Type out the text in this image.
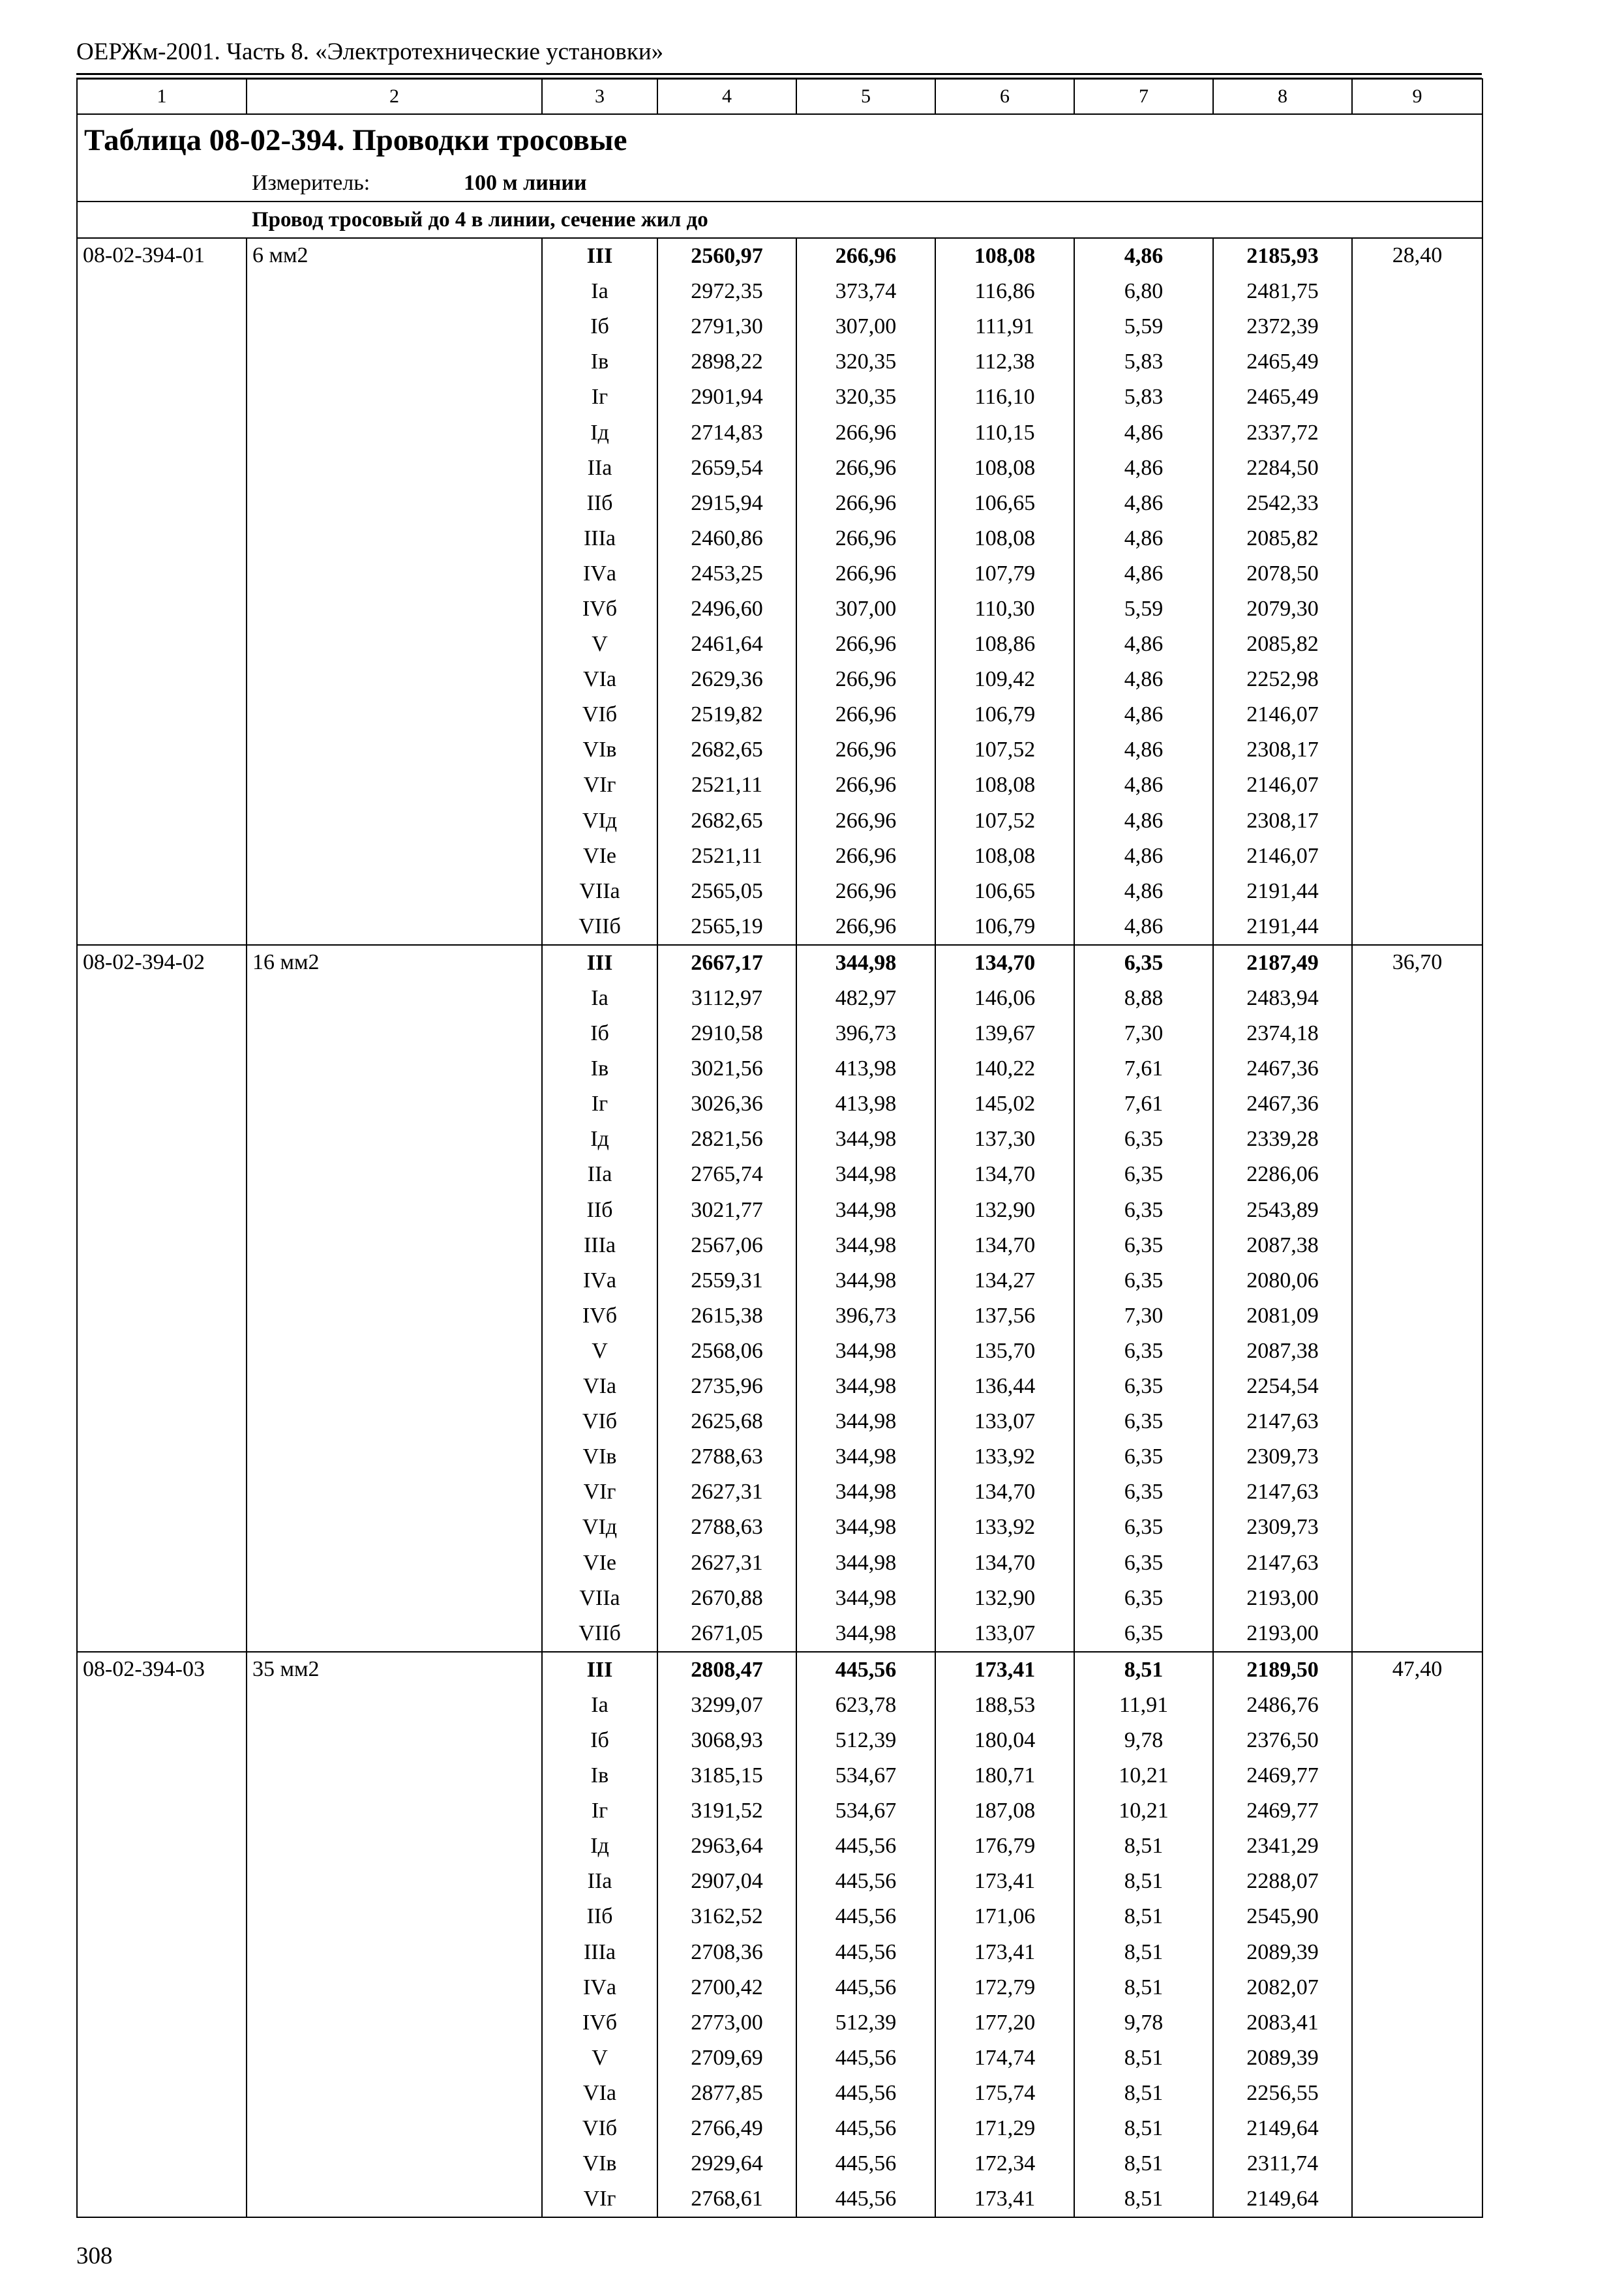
ОЕРЖм-2001. Часть 8. «Электротехнические установки»
1	2	3	4	5	6	7	8	9
Таблица 08-02-394. Проводки тросовые								
Измеритель: 100 м линии								
Провод тросовый до 4 в линии, сечение жил до								
08-02-394-01	6 мм2	III	2560,97	266,96	108,08	4,86	2185,93	28,40
		Iа	2972,35	373,74	116,86	6,80	2481,75	
		Iб	2791,30	307,00	111,91	5,59	2372,39	
		Iв	2898,22	320,35	112,38	5,83	2465,49	
		Iг	2901,94	320,35	116,10	5,83	2465,49	
		Iд	2714,83	266,96	110,15	4,86	2337,72	
		IIа	2659,54	266,96	108,08	4,86	2284,50	
		IIб	2915,94	266,96	106,65	4,86	2542,33	
		IIIа	2460,86	266,96	108,08	4,86	2085,82	
		IVа	2453,25	266,96	107,79	4,86	2078,50	
		IVб	2496,60	307,00	110,30	5,59	2079,30	
		V	2461,64	266,96	108,86	4,86	2085,82	
		VIа	2629,36	266,96	109,42	4,86	2252,98	
		VIб	2519,82	266,96	106,79	4,86	2146,07	
		VIв	2682,65	266,96	107,52	4,86	2308,17	
		VIг	2521,11	266,96	108,08	4,86	2146,07	
		VIд	2682,65	266,96	107,52	4,86	2308,17	
		VIе	2521,11	266,96	108,08	4,86	2146,07	
		VIIа	2565,05	266,96	106,65	4,86	2191,44	
		VIIб	2565,19	266,96	106,79	4,86	2191,44	
08-02-394-02	16 мм2	III	2667,17	344,98	134,70	6,35	2187,49	36,70
		Iа	3112,97	482,97	146,06	8,88	2483,94	
		Iб	2910,58	396,73	139,67	7,30	2374,18	
		Iв	3021,56	413,98	140,22	7,61	2467,36	
		Iг	3026,36	413,98	145,02	7,61	2467,36	
		Iд	2821,56	344,98	137,30	6,35	2339,28	
		IIа	2765,74	344,98	134,70	6,35	2286,06	
		IIб	3021,77	344,98	132,90	6,35	2543,89	
		IIIа	2567,06	344,98	134,70	6,35	2087,38	
		IVа	2559,31	344,98	134,27	6,35	2080,06	
		IVб	2615,38	396,73	137,56	7,30	2081,09	
		V	2568,06	344,98	135,70	6,35	2087,38	
		VIа	2735,96	344,98	136,44	6,35	2254,54	
		VIб	2625,68	344,98	133,07	6,35	2147,63	
		VIв	2788,63	344,98	133,92	6,35	2309,73	
		VIг	2627,31	344,98	134,70	6,35	2147,63	
		VIд	2788,63	344,98	133,92	6,35	2309,73	
		VIе	2627,31	344,98	134,70	6,35	2147,63	
		VIIа	2670,88	344,98	132,90	6,35	2193,00	
		VIIб	2671,05	344,98	133,07	6,35	2193,00	
08-02-394-03	35 мм2	III	2808,47	445,56	173,41	8,51	2189,50	47,40
		Iа	3299,07	623,78	188,53	11,91	2486,76	
		Iб	3068,93	512,39	180,04	9,78	2376,50	
		Iв	3185,15	534,67	180,71	10,21	2469,77	
		Iг	3191,52	534,67	187,08	10,21	2469,77	
		Iд	2963,64	445,56	176,79	8,51	2341,29	
		IIа	2907,04	445,56	173,41	8,51	2288,07	
		IIб	3162,52	445,56	171,06	8,51	2545,90	
		IIIа	2708,36	445,56	173,41	8,51	2089,39	
		IVа	2700,42	445,56	172,79	8,51	2082,07	
		IVб	2773,00	512,39	177,20	9,78	2083,41	
		V	2709,69	445,56	174,74	8,51	2089,39	
		VIа	2877,85	445,56	175,74	8,51	2256,55	
		VIб	2766,49	445,56	171,29	8,51	2149,64	
		VIв	2929,64	445,56	172,34	8,51	2311,74	
		VIг	2768,61	445,56	173,41	8,51	2149,64	
308
